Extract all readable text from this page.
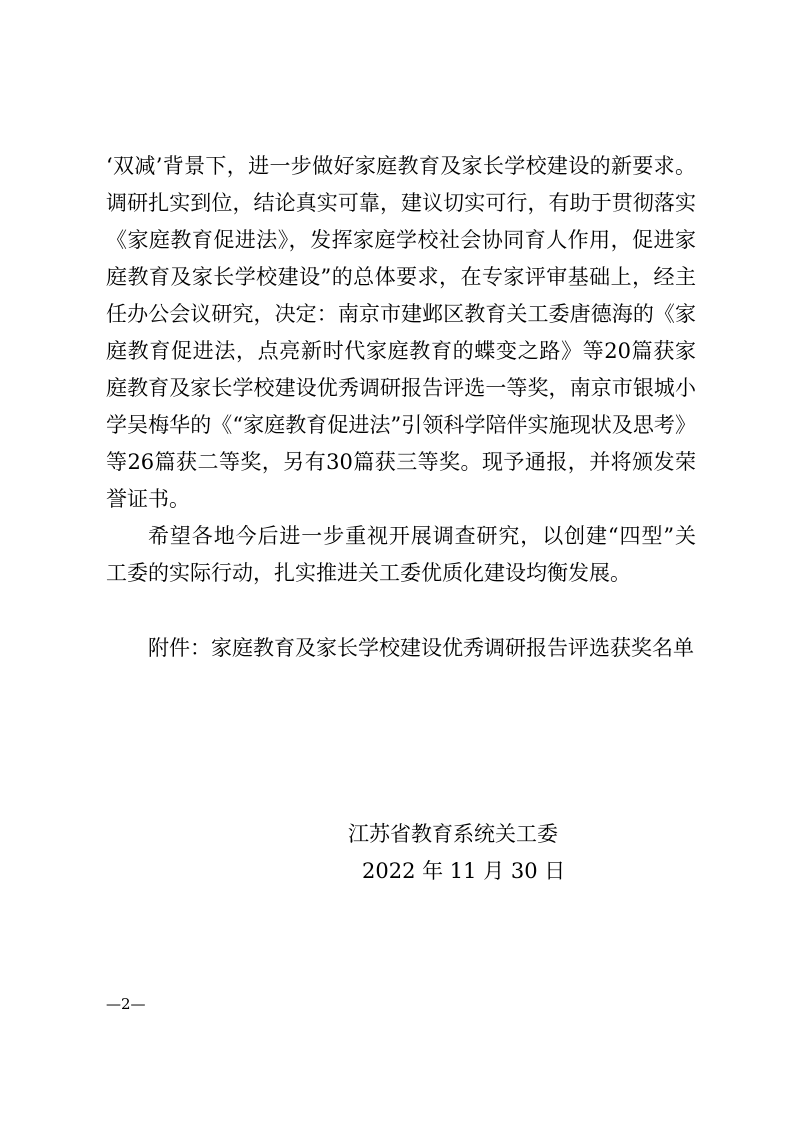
‘双减’背景下，进一步做好家庭教育及家长学校建设的新要求。
调研扎实到位，结论真实可靠，建议切实可行，有助于贯彻落实
《家庭教育促进法》，发挥家庭学校社会协同育人作用，促进家
庭教育及家长学校建设”的总体要求，在专家评审基础上，经主
任办公会议研究，决定：南京市建邺区教育关工委唐德海的《家
庭教育促进法，点亮新时代家庭教育的蝶变之路》等20篇获家
庭教育及家长学校建设优秀调研报告评选一等奖，南京市银城小
学吴梅华的《“家庭教育促进法”引领科学陪伴实施现状及思考》
等26篇获二等奖，另有30篇获三等奖。现予通报，并将颁发荣
誉证书。
希望各地今后进一步重视开展调查研究，以创建“四型”关
工委的实际行动，扎实推进关工委优质化建设均衡发展。
附件：家庭教育及家长学校建设优秀调研报告评选获奖名单
江苏省教育系统关工委
2022 年 11 月 30 日
—2—
